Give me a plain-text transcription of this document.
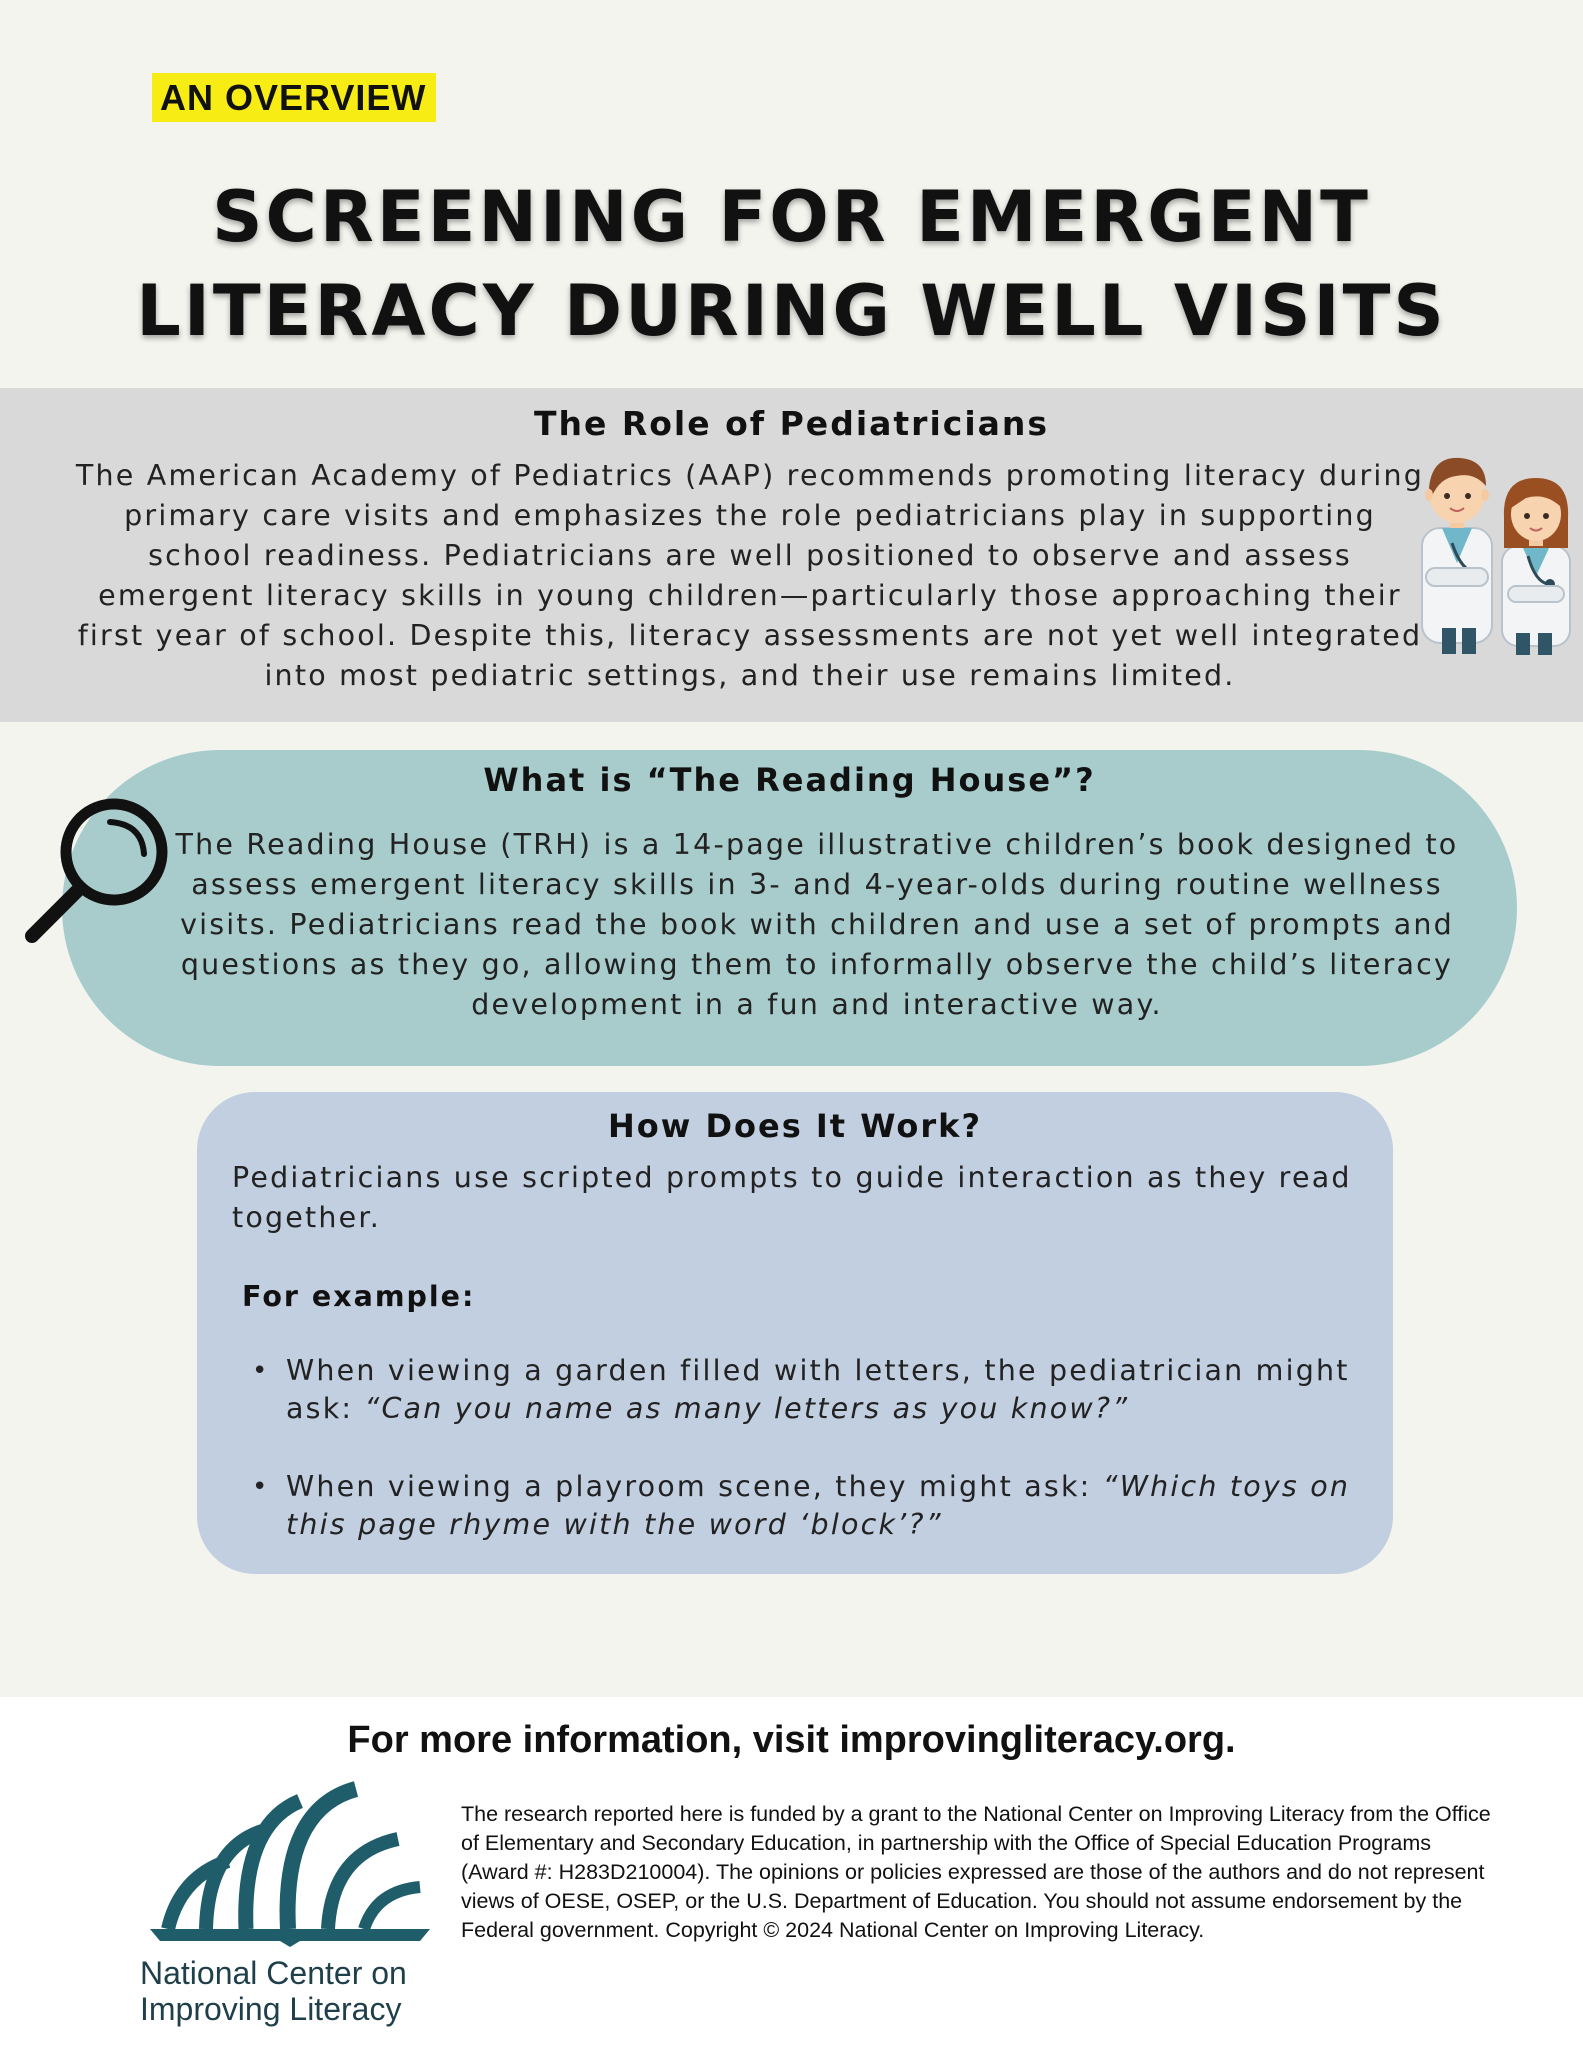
AN OVERVIEW
SCREENING FOR EMERGENT
LITERACY DURING WELL VISITS
The Role of Pediatricians

The American Academy of Pediatrics (AAP) recommends promoting literacy during primary care visits and emphasizes the role pediatricians play in supporting school readiness. Pediatricians are well positioned to observe and assess emergent literacy skills in young children—particularly those approaching their first year of school. Despite this, literacy assessments are not yet well integrated into most pediatric settings, and their use remains limited.

What is “The Reading House”?

The Reading House (TRH) is a 14-page illustrative children’s book designed to assess emergent literacy skills in 3- and 4-year-olds during routine wellness visits. Pediatricians read the book with children and use a set of prompts and questions as they go, allowing them to informally observe the child’s literacy development in a fun and interactive way.

How Does It Work?

Pediatricians use scripted prompts to guide interaction as they read together.

For example:

• When viewing a garden filled with letters, the pediatrician might ask: “Can you name as many letters as you know?”
• When viewing a playroom scene, they might ask: “Which toys on this page rhyme with the word ‘block’?”

For more information, visit improvingliteracy.org.

National Center on
Improving Literacy

The research reported here is funded by a grant to the National Center on Improving Literacy from the Office of Elementary and Secondary Education, in partnership with the Office of Special Education Programs (Award #: H283D210004). The opinions or policies expressed are those of the authors and do not represent views of OESE, OSEP, or the U.S. Department of Education. You should not assume endorsement by the Federal government. Copyright © 2024 National Center on Improving Literacy.
